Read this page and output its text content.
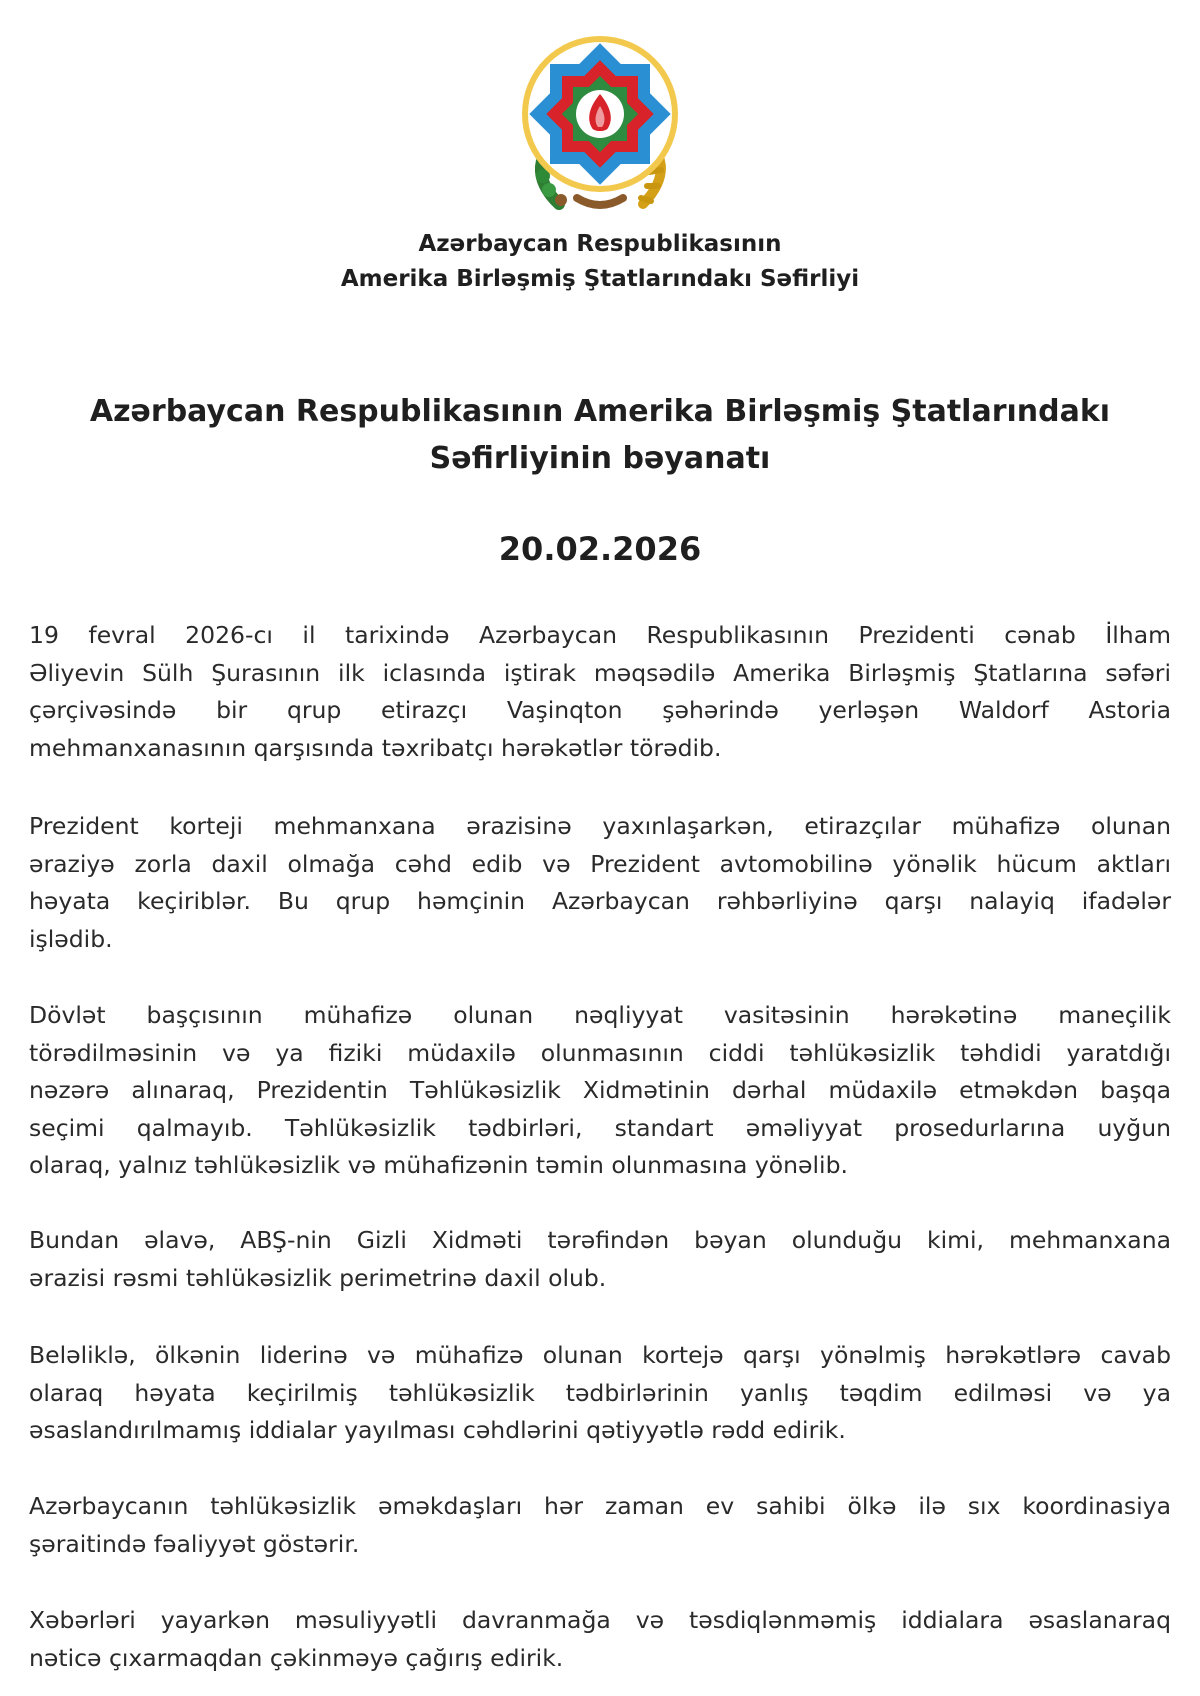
Azərbaycan Respublikasının
Amerika Birləşmiş Ştatlarındakı Səfirliyi
Azərbaycan Respublikasının Amerika Birləşmiş Ştatlarındakı
Səfirliyinin bəyanatı
20.02.2026
19 fevral 2026-cı il tarixində Azərbaycan Respublikasının Prezidenti cənab İlham
Əliyevin Sülh Şurasının ilk iclasında iştirak məqsədilə Amerika Birləşmiş Ştatlarına səfəri
çərçivəsində bir qrup etirazçı Vaşinqton şəhərində yerləşən Waldorf Astoria
mehmanxanasının qarşısında təxribatçı hərəkətlər törədib.
Prezident korteji mehmanxana ərazisinə yaxınlaşarkən, etirazçılar mühafizə olunan
əraziyə zorla daxil olmağa cəhd edib və Prezident avtomobilinə yönəlik hücum aktları
həyata keçiriblər. Bu qrup həmçinin Azərbaycan rəhbərliyinə qarşı nalayiq ifadələr
işlədib.
Dövlət başçısının mühafizə olunan nəqliyyat vasitəsinin hərəkətinə maneçilik
törədilməsinin və ya fiziki müdaxilə olunmasının ciddi təhlükəsizlik təhdidi yaratdığı
nəzərə alınaraq, Prezidentin Təhlükəsizlik Xidmətinin dərhal müdaxilə etməkdən başqa
seçimi qalmayıb. Təhlükəsizlik tədbirləri, standart əməliyyat prosedurlarına uyğun
olaraq, yalnız təhlükəsizlik və mühafizənin təmin olunmasına yönəlib.
Bundan əlavə, ABŞ-nin Gizli Xidməti tərəfindən bəyan olunduğu kimi, mehmanxana
ərazisi rəsmi təhlükəsizlik perimetrinə daxil olub.
Beləliklə, ölkənin liderinə və mühafizə olunan korteјə qarşı yönəlmiş hərəkətlərə cavab
olaraq həyata keçirilmiş təhlükəsizlik tədbirlərinin yanlış təqdim edilməsi və ya
əsaslandırılmamış iddialar yayılması cəhdlərini qətiyyətlə rədd edirik.
Azərbaycanın təhlükəsizlik əməkdaşları hər zaman ev sahibi ölkə ilə sıx koordinasiya
şəraitində fəaliyyət göstərir.
Xəbərləri yayarkən məsuliyyətli davranmağa və təsdiqlənməmiş iddialara əsaslanaraq
nəticə çıxarmaqdan çəkinməyə çağırış edirik.
